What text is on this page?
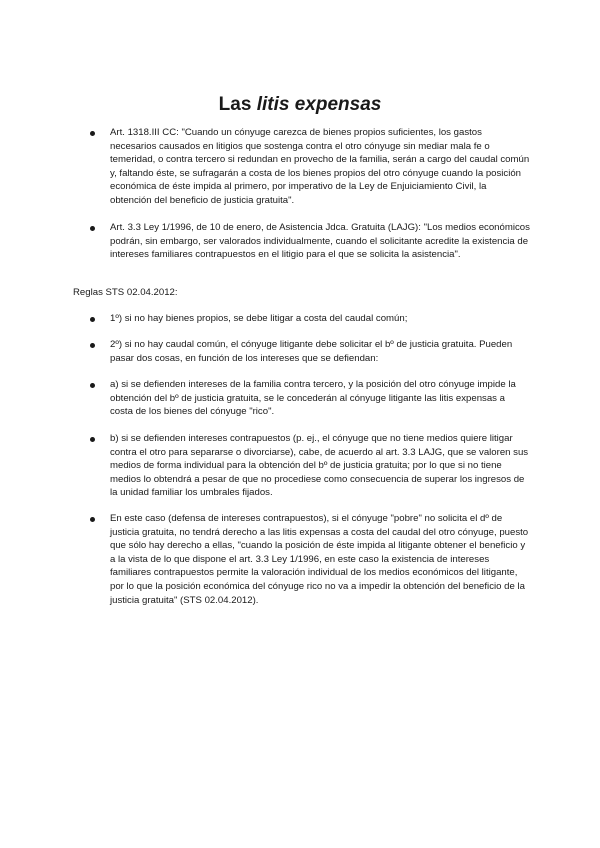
Las litis expensas
Art. 1318.III CC: "Cuando un cónyuge carezca de bienes propios suficientes, los gastos necesarios causados en litigios que sostenga contra el otro cónyuge sin mediar mala fe o temeridad, o contra tercero si redundan en provecho de la familia, serán a cargo del caudal común y, faltando éste, se sufragarán a costa de los bienes propios del otro cónyuge cuando la posición económica de éste impida al primero, por imperativo de la Ley de Enjuiciamiento Civil, la obtención del beneficio de justicia gratuita".
Art. 3.3 Ley 1/1996, de 10 de enero, de Asistencia Jdca. Gratuita (LAJG): "Los medios económicos podrán, sin embargo, ser valorados individualmente, cuando el solicitante acredite la existencia de intereses familiares contrapuestos en el litigio para el que se solicita la asistencia".
Reglas STS 02.04.2012:
1º) si no hay bienes propios, se debe litigar a costa del caudal común;
2º) si no hay caudal común, el cónyuge litigante debe solicitar el bº de justicia gratuita. Pueden pasar dos cosas, en función de los intereses que se defiendan:
a) si se defienden intereses de la familia contra tercero, y la posición del otro cónyuge impide la obtención del bº de justicia gratuita, se le concederán al cónyuge litigante las litis expensas a costa de los bienes del cónyuge "rico".
b) si se defienden intereses contrapuestos (p. ej., el cónyuge que no tiene medios quiere litigar contra el otro para separarse o divorciarse), cabe, de acuerdo al art. 3.3 LAJG, que se valoren sus medios de forma individual para la obtención del bº de justicia gratuita; por lo que si no tiene medios lo obtendrá a pesar de que no procediese como consecuencia de superar los ingresos de la unidad familiar los umbrales fijados.
En este caso (defensa de intereses contrapuestos), si el cónyuge "pobre" no solicita el dº de justicia gratuita, no tendrá derecho a las litis expensas a costa del caudal del otro cónyuge, puesto que sólo hay derecho a ellas, "cuando la posición de éste impida al litigante obtener el beneficio y a la vista de lo que dispone el art. 3.3 Ley 1/1996, en este caso la existencia de intereses familiares contrapuestos permite la valoración individual de los medios económicos del litigante, por lo que la posición económica del cónyuge rico no va a impedir la obtención del beneficio de la justicia gratuita" (STS 02.04.2012).
